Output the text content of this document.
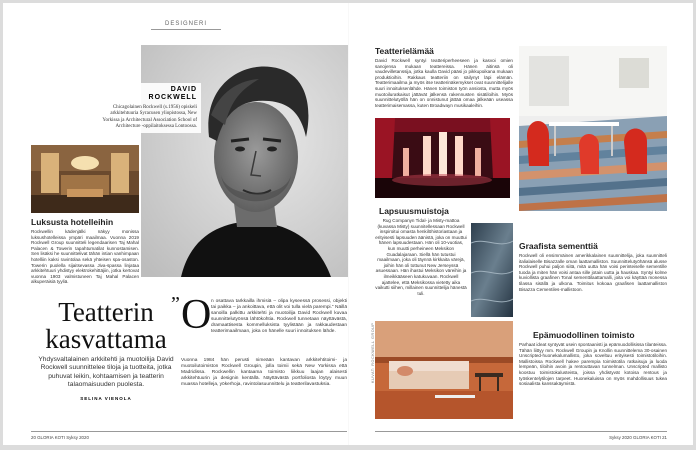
DESIGNERI
DAVID
ROCKWELL
Chicagolainen Rockwell (s.1956) opiskeli arkkitehtuuria Syracusen yliopistossa, New Yorkissa ja Architectural Association School of Architecture -oppilaitoksessa Lontoossa.
Luksusta hotelleihin
Rockwellin kädenjälki näkyy monissa luksushotelleissa ympäri maailmaa. Vuonna 2019 Rockwell Group suunnitteli legendaarisen Taj Mahal Palacen & Towerin tapahtumatilat kunnostamisen. Sen lisäksi he suunnittelivat tähän intian vanhimpaan hotelliin kaksi ravintolaa sekä yhteisen spa-osaston. Towerin puolella sijaitsevassa Jiva-spassa linjataa arkkitehtuuri yhdistyy elektrokehittäjiin, jotka kertovat vuonna 1903 valmistuneen Taj Mahal Palacen alkuperäisiä tyyliä.
Teatterin
kasvattama
Yhdysvaltalainen arkkitehti ja muotoilija David Rockwell suunnittelee tiloja ja tuotteita, jotka puhuvat leikin, kohtaamisen ja teatterin talaomaisuuden puolesta.
SELINA VIENOLA
” O n osattava tarkkailla ihmisiä – olipa kyseessä prosessi, objekti tai paikka – ja ankoittava, että olit voi tulla vielä parempi.” Näillä sanoilla palkittu arkkitehti ja muotoilija David Rockwell kuvaa suunnittelutyönsä lähtökohtia. Rockwell tunnetaan näyttävästä, dramaattisesta kommelluksista tyylistään ja rakkaudestaan teatterimaailmaan, joka on hänelle suuri innoituksen lähde.
Vuonna 1984 hän perusti nimeään kantavan arkkitehtitoimi- ja muotoilutoimiston Rockwell Groupin, jolla toimii sekä New Yorkissa että Madridissa. Rockwellin kantaama toimisto liikkuu laajan alaisesti arkkitehtuurin ja designin kentällä. Näyttävästä portfoliosta löytyy muun muassa hotelleja, yökerhoja, ravintolasuunnittelu ja teatterilavastuksia.
20 GLORIA KOTI Syksy 2020
Teatterielämää
David Rockwell syntyi teatteriperheeseen ja kasvoi omien sanojensa mukaan teattereissa. Hänen äitinsä oli vaudevilletanssija, jotka kaulla David pääsi jo pikkupoikana mukaan produktioihin. Rakkaus teatteriin on säilynyt läpi elämän. Teatterimaailma ja myös itse teatterinäkemykset ovat suunnittelijalle suuri innoituksenlähde. Hänen toimiston työn ansiosta, mutta myös muotoiluratkaisut jättävät jälkensä rakennusten sisätiloihin. Myös suunnittelutyöllä hän on onnistunut jättää omaa jälkeään useassa teatterimaisemassa, kuten Broadwayn musikaaleihin.
Lapsuusmuistoja
Rug Companyn Tidal- ja Misty-mattoa (kuvassa Misty) suunnitellessaan Rockwell inspiroitui omasta henkilöhistoriastaan ja erityisesti lapsuuden äänistä, joka on muuttui hänen lapsuudestaan. Hän oli 10-vuotias, kun muutti perheineen Meksikon Guadalajaraan. Siellä hän tutustui maailmaan, joka oli täynnä kirkkaita värejä, joihin hän oli tottunut New Jerseyssä asuessaan. Hän ihastui Meksikon väreihin ja ilmeikkääseen katukuvaan. Rockwell ajattelee, että Meksikossa vietetty aika vaikutti siihen, millainen suunnittelija hänestä tuli.
Graafista sementtiä
Rockwell oli ensimmäinen amerikkalainen suunnittelija, joka suunnitteli italialaiselle Bisazzalle oman laattamalliston. Suunnittelutyöhänsä alusse Rockwell puhui paljon siitä, mitä uutta hän voisi perinteiselle sementille tuoda ja miten hän voisi antaa sille jotain uutta ja hauskaa. Syntyi kolme kuviollista graafinen Tonal sementtilaattamalli, joita voi käyttää monessa tilassa sisällä ja ulkona. Toimitus kokoaa graafisen laattamalliston Bisazza Cementiles-mallistoon.
KUVAT: ROCKWELL GROUP	Epämuodollinen toimisto
Parhaat ideat syntyvät usein spontaanisti ja epämuodollisissa tilanteissa. Tähän liittyy mm. Rockwell Groupin ja Knollin suunnittelema 30-osainen Unscripted-huonekalumallisto, joka soveltuu erityisesti toimistotiloihin. Mallistoissa Rockwell hakee parempia toimistotila ratkaisuja ja luoda lempeän, tiloihin avoin ja rentouttavan tunnelman. Unscripted mallisto koostuu toimistokalusteista, joissa yhdistyvät kotoisa rentous ja työskentelytilojen tarpeet. Huonekaluissa on myös mahdollisuus tukea sosiaalista kanssakäymistä.
Syksy 2020 GLORIA KOTI 21
